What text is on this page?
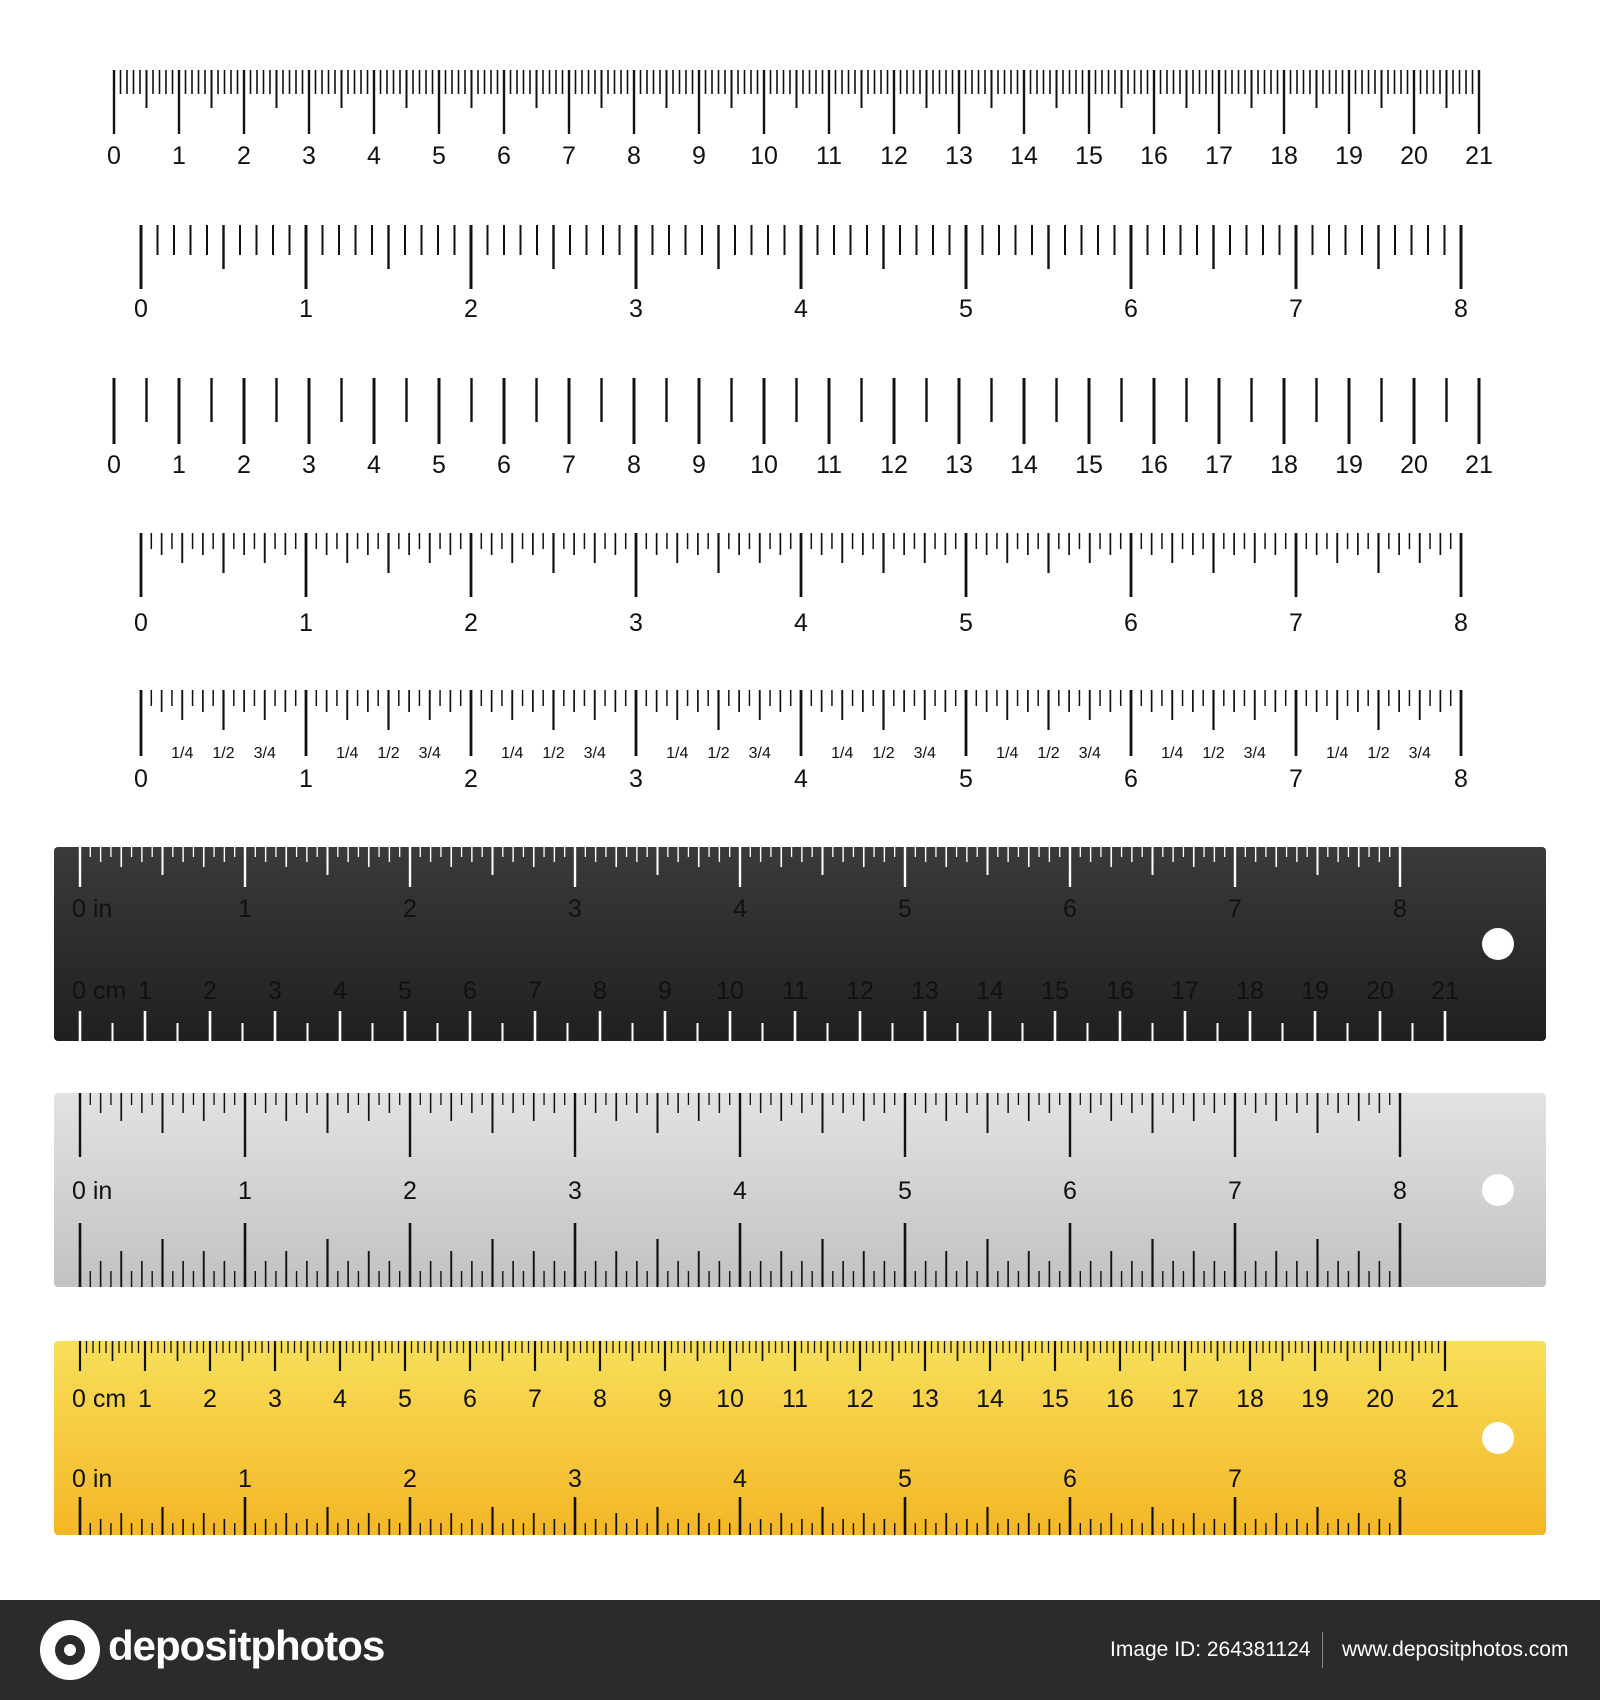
0 1 2 3 4 5 6 7 8 9 10 11 12 13 14 15 16 17 18 19 20 21
0	1	2	3	4	5	6	7	8
0 1 2 3 4 5 6 7 8 9 10 11 12 13 14 15 16 17 18 19 20 21
0	1	2	3	4	5	6	7	8
0	1	2	3	4	5	6	7	8
1/4 1/2 3/4	1/4 1/2 3/4	1/4 1/2 3/4	1/4 1/2 3/4	1/4 1/2 3/4	1/4 1/2 3/4	1/4 1/2 3/4	1/4 1/2 3/4
0 in	1	2	3	4	5	6	7	8
0 cm 1 2 3 4 5 6 7 8 9 10 11 12 13 14 15 16 17 18 19 20 21
0 in	1	2	3	4	5	6	7	8
0 cm 1 2 3 4 5 6 7 8 9 10 11 12 13 14 15 16 17 18 19 20 21
0 in	1	2	3	4	5	6	7	8
depositphotos	Image ID: 264381124 www.depositphotos.com
